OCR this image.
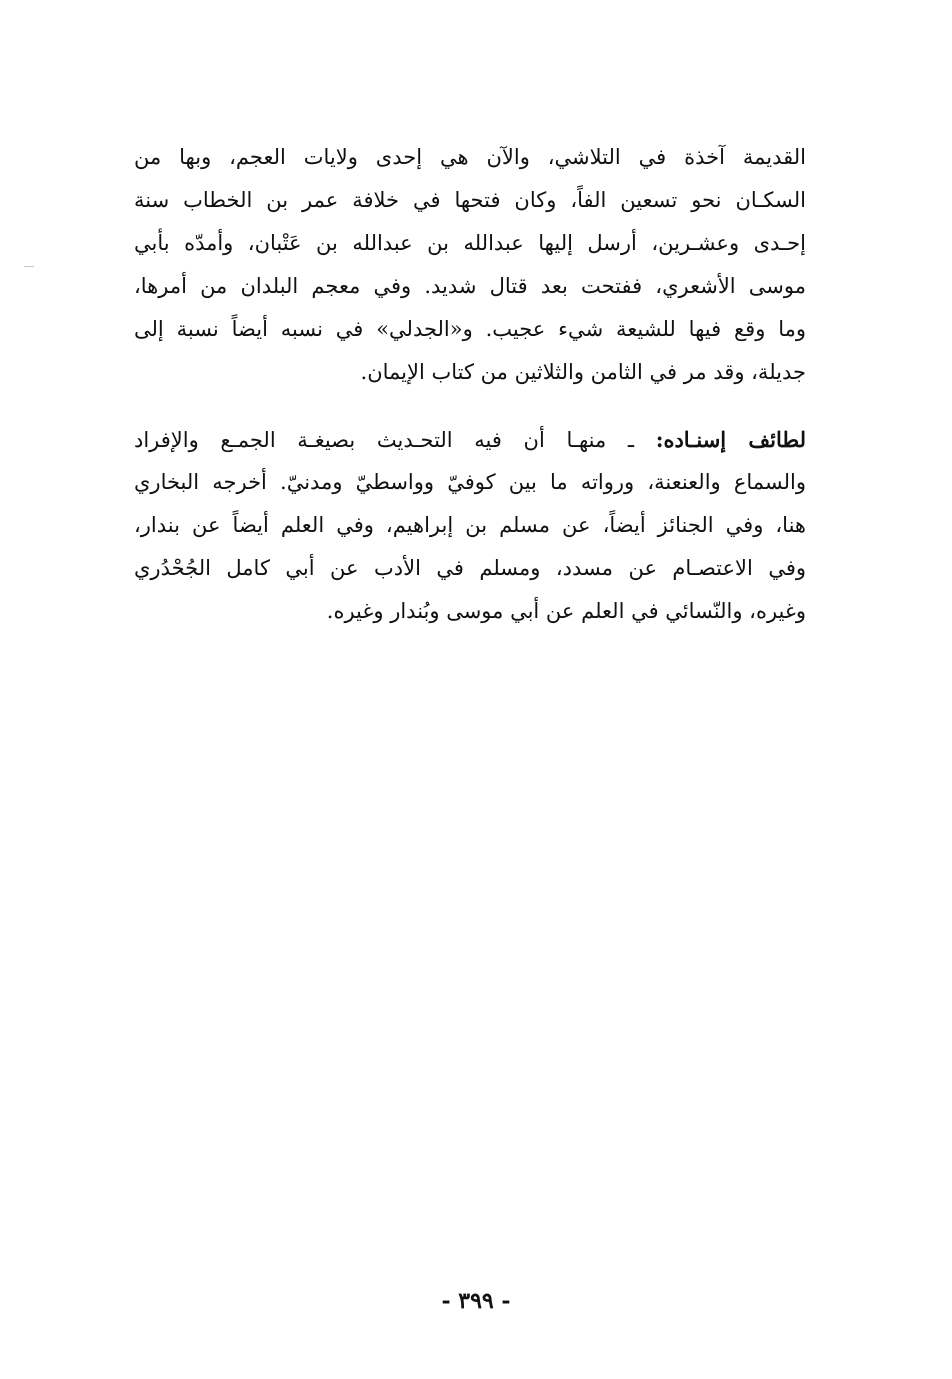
القديمة آخذة في التلاشي، والآن هي إحدى ولايات العجم، وبها من
السكـان نحو تسعين الفاً، وكان فتحها في خلافة عمر بن الخطاب سنة
إحـدى وعشـرين، أرسل إليها عبدالله بن عبدالله بن عَتْبان، وأمدّه بأبي
موسى الأشعري، ففتحت بعد قتال شديد. وفي معجم البلدان من أمرها،
وما وقع فيها للشيعة شيء عجيب. و«الجدلي» في نسبه أيضاً نسبة إلى
جديلة، وقد مر في الثامن والثلاثين من كتاب الإيمان.
لطائف إسنـاده: ـ منهـا أن فيه التحـديث بصيغـة الجمـع والإفراد
والسماع والعنعنة، ورواته ما بين كوفيّ وواسطيّ ومدنيّ. أخرجه البخاري
هنا، وفي الجنائز أيضاً، عن مسلم بن إبراهيم، وفي العلم أيضاً عن بندار،
وفي الاعتصـام عن مسدد، ومسلم في الأدب عن أبي كامل الجُحْدُري
وغيره، والنّسائي في العلم عن أبي موسى وبُندار وغيره.
- ٣٩٩ -
